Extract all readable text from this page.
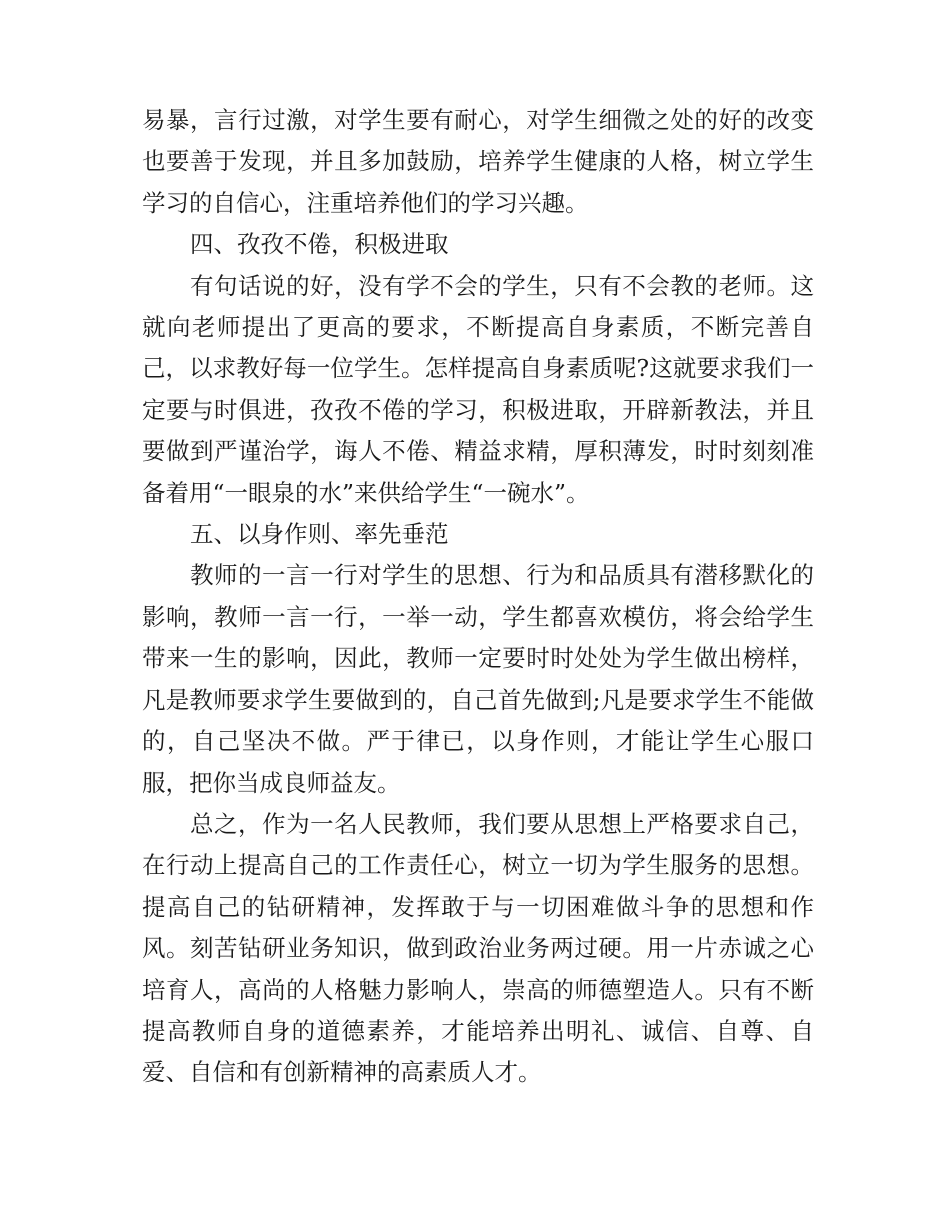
易暴，言行过激，对学生要有耐心，对学生细微之处的好的改变也要善于发现，并且多加鼓励，培养学生健康的人格，树立学生学习的自信心，注重培养他们的学习兴趣。

四、孜孜不倦，积极进取

有句话说的好，没有学不会的学生，只有不会教的老师。这就向老师提出了更高的要求，不断提高自身素质，不断完善自己，以求教好每一位学生。怎样提高自身素质呢?这就要求我们一定要与时俱进，孜孜不倦的学习，积极进取，开辟新教法，并且要做到严谨治学，诲人不倦、精益求精，厚积薄发，时时刻刻准备着用“一眼泉的水”来供给学生“一碗水”。

五、以身作则、率先垂范

教师的一言一行对学生的思想、行为和品质具有潜移默化的影响，教师一言一行，一举一动，学生都喜欢模仿，将会给学生带来一生的影响，因此，教师一定要时时处处为学生做出榜样，凡是教师要求学生要做到的，自己首先做到;凡是要求学生不能做的，自己坚决不做。严于律已，以身作则，才能让学生心服口服，把你当成良师益友。

总之，作为一名人民教师，我们要从思想上严格要求自己，在行动上提高自己的工作责任心，树立一切为学生服务的思想。提高自己的钻研精神，发挥敢于与一切困难做斗争的思想和作风。刻苦钻研业务知识，做到政治业务两过硬。用一片赤诚之心培育人，高尚的人格魅力影响人，崇高的师德塑造人。只有不断提高教师自身的道德素养，才能培养出明礼、诚信、自尊、自爱、自信和有创新精神的高素质人才。
